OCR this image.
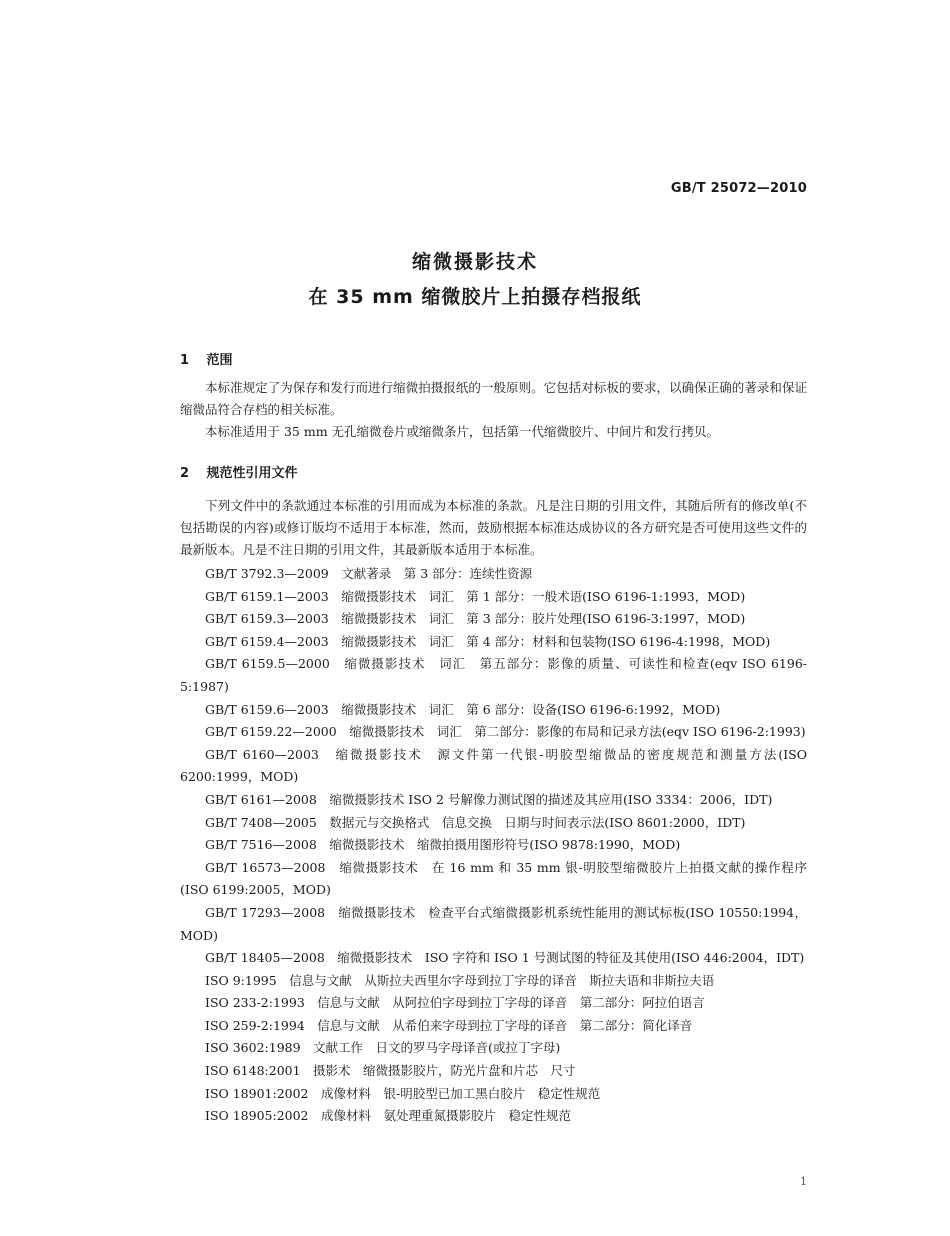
GB/T 25072—2010
缩微摄影技术
在 35 mm 缩微胶片上拍摄存档报纸
1 范围

本标准规定了为保存和发行而进行缩微拍摄报纸的一般原则。它包括对标板的要求，以确保正确的著录和保证缩微品符合存档的相关标准。

本标准适用于 35 mm 无孔缩微卷片或缩微条片，包括第一代缩微胶片、中间片和发行拷贝。

2 规范性引用文件

下列文件中的条款通过本标准的引用而成为本标准的条款。凡是注日期的引用文件，其随后所有的修改单(不包括勘误的内容)或修订版均不适用于本标准，然而，鼓励根据本标准达成协议的各方研究是否可使用这些文件的最新版本。凡是不注日期的引用文件，其最新版本适用于本标准。

GB/T 3792.3—2009　文献著录　第 3 部分：连续性资源

GB/T 6159.1—2003　缩微摄影技术　词汇　第 1 部分：一般术语(ISO 6196-1:1993，MOD)

GB/T 6159.3—2003　缩微摄影技术　词汇　第 3 部分：胶片处理(ISO 6196-3:1997，MOD)

GB/T 6159.4—2003　缩微摄影技术　词汇　第 4 部分：材料和包装物(ISO 6196-4:1998，MOD)

GB/T 6159.5—2000　缩微摄影技术　词汇　第五部分：影像的质量、可读性和检查(eqv ISO 6196-5:1987)

GB/T 6159.6—2003　缩微摄影技术　词汇　第 6 部分：设备(ISO 6196-6:1992，MOD)

GB/T 6159.22—2000　缩微摄影技术　词汇　第二部分：影像的布局和记录方法(eqv ISO 6196-2:1993)

GB/T 6160—2003　缩微摄影技术　源文件第一代银-明胶型缩微品的密度规范和测量方法(ISO 6200:1999，MOD)

GB/T 6161—2008　缩微摄影技术 ISO 2 号解像力测试图的描述及其应用(ISO 3334：2006，IDT)

GB/T 7408—2005　数据元与交换格式　信息交换　日期与时间表示法(ISO 8601:2000，IDT)

GB/T 7516—2008　缩微摄影技术　缩微拍摄用图形符号(ISO 9878:1990，MOD)

GB/T 16573—2008　缩微摄影技术　在 16 mm 和 35 mm 银-明胶型缩微胶片上拍摄文献的操作程序(ISO 6199:2005，MOD)

GB/T 17293—2008　缩微摄影技术　检查平台式缩微摄影机系统性能用的测试标板(ISO 10550:1994，MOD)

GB/T 18405—2008　缩微摄影技术　ISO 字符和 ISO 1 号测试图的特征及其使用(ISO 446:2004，IDT)

ISO 9:1995　信息与文献　从斯拉夫西里尔字母到拉丁字母的译音　斯拉夫语和非斯拉夫语

ISO 233-2:1993　信息与文献　从阿拉伯字母到拉丁字母的译音　第二部分：阿拉伯语言

ISO 259-2:1994　信息与文献　从希伯来字母到拉丁字母的译音　第二部分：简化译音

ISO 3602:1989　文献工作　日文的罗马字母译音(或拉丁字母)

ISO 6148:2001　摄影术　缩微摄影胶片，防光片盘和片芯　尺寸

ISO 18901:2002　成像材料　银-明胶型已加工黑白胶片　稳定性规范

ISO 18905:2002　成像材料　氨处理重氮摄影胶片　稳定性规范

1
